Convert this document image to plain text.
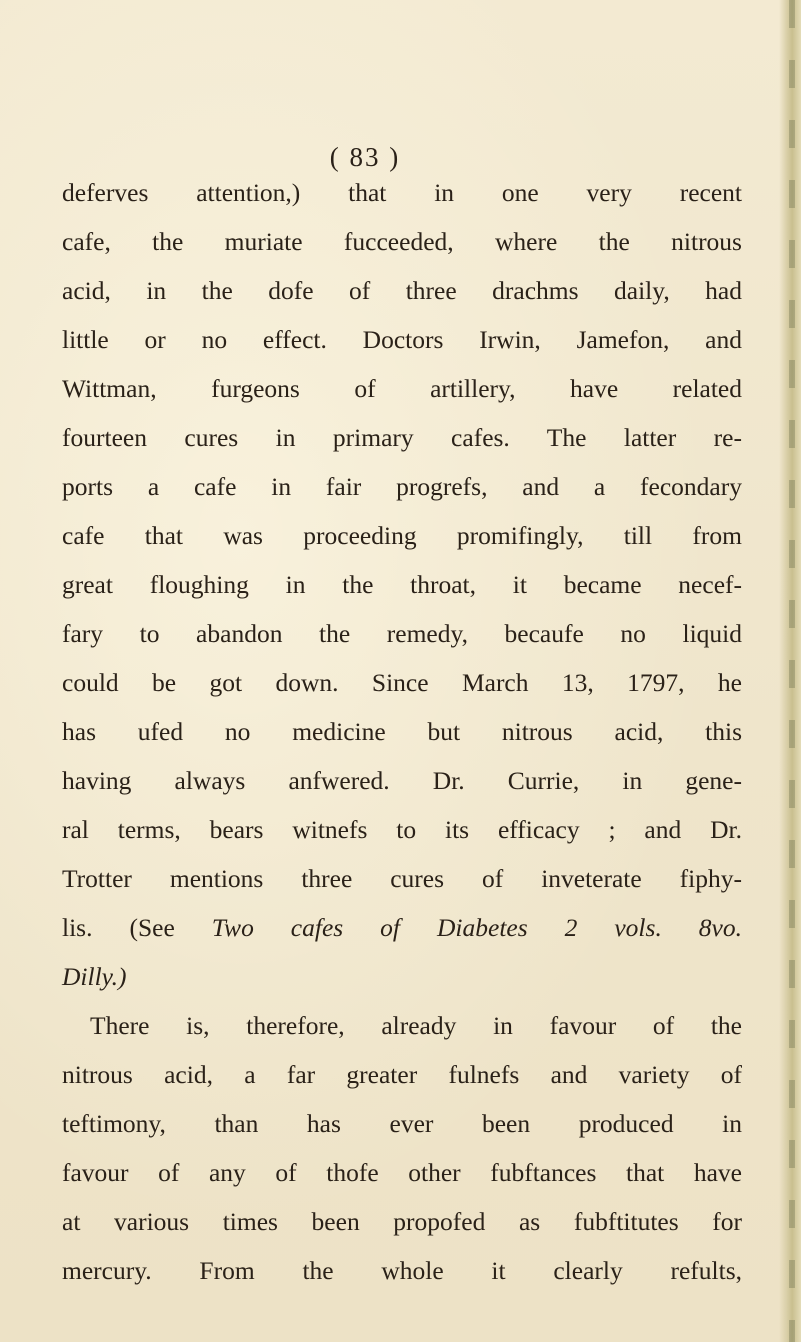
( 83 )
deferves attention,) that in one very recent
cafe, the muriate fucceeded, where the nitrous
acid, in the dofe of three drachms daily, had
little or no effect. Doctors Irwin, Jamefon, and
Wittman, furgeons of artillery, have related
fourteen cures in primary cafes. The latter re-
ports a cafe in fair progrefs, and a fecondary
cafe that was proceeding promifingly, till from
great floughing in the throat, it became necef-
fary to abandon the remedy, becaufe no liquid
could be got down. Since March 13, 1797, he
has ufed no medicine but nitrous acid, this
having always anfwered. Dr. Currie, in gene-
ral terms, bears witnefs to its efficacy ; and Dr.
Trotter mentions three cures of inveterate fiphy-
lis. (See Two cafes of Diabetes 2 vols. 8vo.
Dilly.)
There is, therefore, already in favour of the
nitrous acid, a far greater fulnefs and variety of
teftimony, than has ever been produced in
favour of any of thofe other fubftances that have
at various times been propofed as fubftitutes for
mercury. From the whole it clearly refults,
